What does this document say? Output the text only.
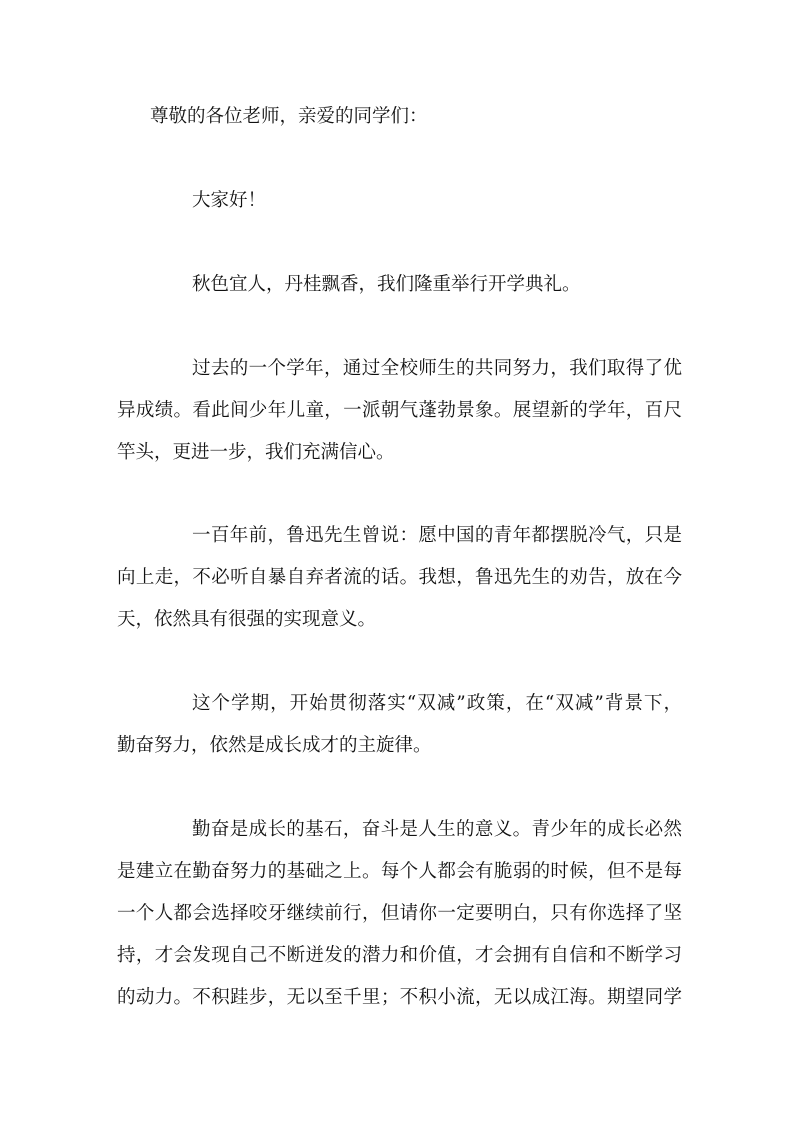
尊敬的各位老师，亲爱的同学们：

大家好！

秋色宜人，丹桂飘香，我们隆重举行开学典礼。

过去的一个学年，通过全校师生的共同努力，我们取得了优

异成绩。看此间少年儿童，一派朝气蓬勃景象。展望新的学年，百尺

竿头，更进一步，我们充满信心。

一百年前，鲁迅先生曾说：愿中国的青年都摆脱冷气，只是

向上走，不必听自暴自弃者流的话。我想，鲁迅先生的劝告，放在今

天，依然具有很强的实现意义。

这个学期，开始贯彻落实“双减”政策，在“双减”背景下，

勤奋努力，依然是成长成才的主旋律。

勤奋是成长的基石，奋斗是人生的意义。青少年的成长必然

是建立在勤奋努力的基础之上。每个人都会有脆弱的时候，但不是每

一个人都会选择咬牙继续前行，但请你一定要明白，只有你选择了坚

持，才会发现自己不断迸发的潜力和价值，才会拥有自信和不断学习

的动力。不积跬步，无以至千里；不积小流，无以成江海。期望同学
